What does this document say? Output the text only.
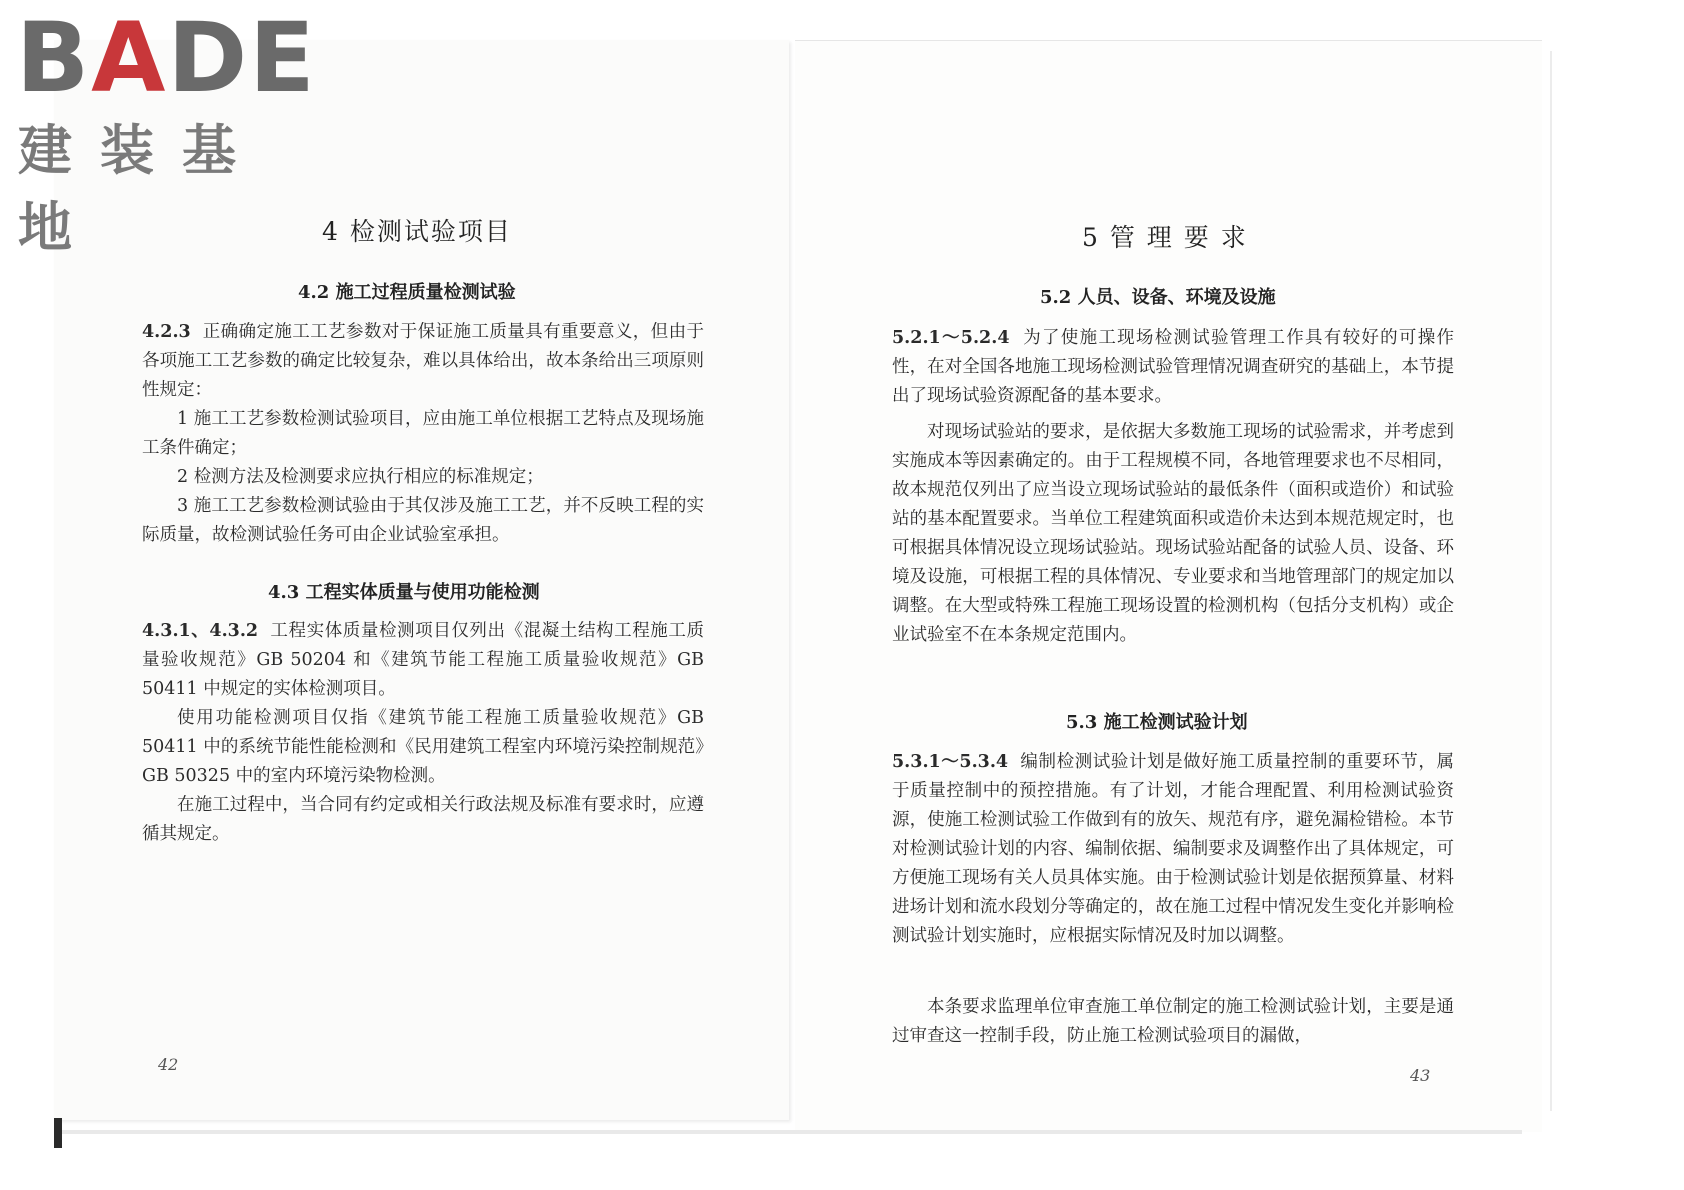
BADE
建装基地	4 检测试验项目
4.2 施工过程质量检测试验
4.2.3 正确确定施工工艺参数对于保证施工质量具有重要意义，但由于各项施工工艺参数的确定比较复杂，难以具体给出，故本条给出三项原则性规定：
1 施工工艺参数检测试验项目，应由施工单位根据工艺特点及现场施工条件确定；
2 检测方法及检测要求应执行相应的标准规定；
3 施工工艺参数检测试验由于其仅涉及施工工艺，并不反映工程的实际质量，故检测试验任务可由企业试验室承担。
4.3 工程实体质量与使用功能检测
4.3.1、4.3.2 工程实体质量检测项目仅列出《混凝土结构工程施工质量验收规范》GB 50204 和《建筑节能工程施工质量验收规范》GB 50411 中规定的实体检测项目。
使用功能检测项目仅指《建筑节能工程施工质量验收规范》GB 50411 中的系统节能性能检测和《民用建筑工程室内环境污染控制规范》GB 50325 中的室内环境污染物检测。
在施工过程中，当合同有约定或相关行政法规及标准有要求时，应遵循其规定。
42
5 管 理 要 求
5.2 人员、设备、环境及设施
5.2.1～5.2.4 为了使施工现场检测试验管理工作具有较好的可操作性，在对全国各地施工现场检测试验管理情况调查研究的基础上，本节提出了现场试验资源配备的基本要求。
对现场试验站的要求，是依据大多数施工现场的试验需求，并考虑到实施成本等因素确定的。由于工程规模不同，各地管理要求也不尽相同，故本规范仅列出了应当设立现场试验站的最低条件（面积或造价）和试验站的基本配置要求。当单位工程建筑面积或造价未达到本规范规定时，也可根据具体情况设立现场试验站。现场试验站配备的试验人员、设备、环境及设施，可根据工程的具体情况、专业要求和当地管理部门的规定加以调整。在大型或特殊工程施工现场设置的检测机构（包括分支机构）或企业试验室不在本条规定范围内。
5.3 施工检测试验计划
5.3.1～5.3.4 编制检测试验计划是做好施工质量控制的重要环节，属于质量控制中的预控措施。有了计划，才能合理配置、利用检测试验资源，使施工检测试验工作做到有的放矢、规范有序，避免漏检错检。本节对检测试验计划的内容、编制依据、编制要求及调整作出了具体规定，可方便施工现场有关人员具体实施。由于检测试验计划是依据预算量、材料进场计划和流水段划分等确定的，故在施工过程中情况发生变化并影响检测试验计划实施时，应根据实际情况及时加以调整。
本条要求监理单位审查施工单位制定的施工检测试验计划，主要是通过审查这一控制手段，防止施工检测试验项目的漏做，
43
